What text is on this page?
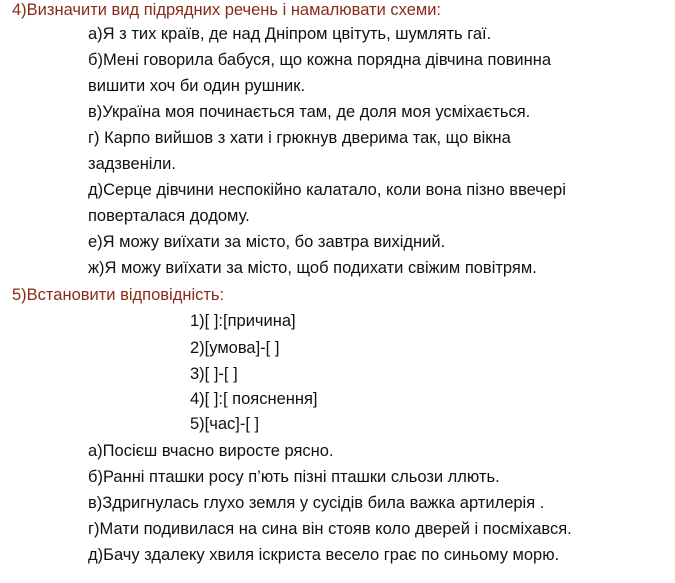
4)Визначити вид підрядних речень і намалювати схеми:
а)Я з тих країв, де над Дніпром цвітуть, шумлять гаї.
б)Мені говорила бабуся, що кожна порядна дівчина повинна
вишити хоч би один рушник.
в)Україна моя починається там, де доля моя усміхається.
г) Карпо вийшов з хати і грюкнув дверима так, що вікна
задзвеніли.
д)Серце дівчини неспокійно калатало, коли вона пізно ввечері
поверталася додому.
е)Я можу виїхати за місто, бо завтра вихідний.
ж)Я можу виїхати за місто, щоб подихати свіжим повітрям.
5)Встановити відповідність:
1)[ ]:[причина]
2)[умова]-[ ]
3)[ ]-[ ]
4)[ ]:[ пояснення]
5)[час]-[ ]
а)Посієш вчасно виросте рясно.
б)Ранні пташки росу п’ють пізні пташки сльози ллють.
в)Здригнулась глухо земля у сусідів била важка артилерія .
г)Мати подивилася на сина він стояв коло дверей і посміхався.
д)Бачу здалеку хвиля іскриста весело грає по синьому морю.
